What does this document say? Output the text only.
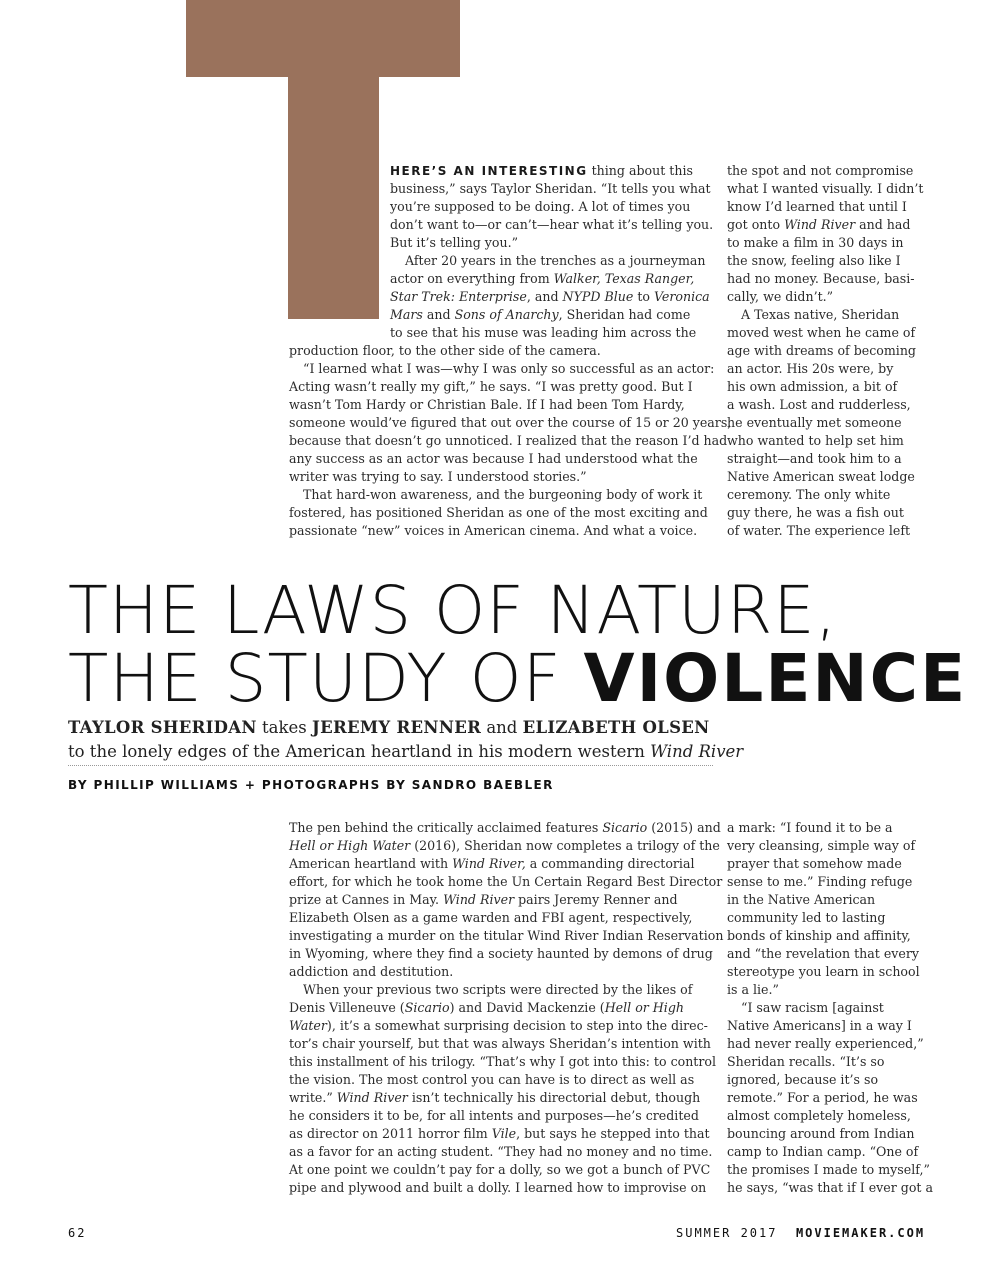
HERE’S AN INTERESTING thing about this
business,” says Taylor Sheridan. “It tells you what
you’re supposed to be doing. A lot of times you
don’t want to—or can’t—hear what it’s telling you.
But it’s telling you.”
After 20 years in the trenches as a journeyman
actor on everything from Walker, Texas Ranger,
Star Trek: Enterprise, and NYPD Blue to Veronica
Mars and Sons of Anarchy, Sheridan had come
to see that his muse was leading him across the
production floor, to the other side of the camera.
“I learned what I was—why I was only so successful as an actor:
Acting wasn’t really my gift,” he says. “I was pretty good. But I
wasn’t Tom Hardy or Christian Bale. If I had been Tom Hardy,
someone would’ve figured that out over the course of 15 or 20 years,
because that doesn’t go unnoticed. I realized that the reason I’d had
any success as an actor was because I had understood what the
writer was trying to say. I understood stories.”
That hard-won awareness, and the burgeoning body of work it
fostered, has positioned Sheridan as one of the most exciting and
passionate “new” voices in American cinema. And what a voice.
the spot and not compromise
what I wanted visually. I didn’t
know I’d learned that until I
got onto Wind River and had
to make a film in 30 days in
the snow, feeling also like I
had no money. Because, basi-
cally, we didn’t.”
A Texas native, Sheridan
moved west when he came of
age with dreams of becoming
an actor. His 20s were, by
his own admission, a bit of
a wash. Lost and rudderless,
he eventually met someone
who wanted to help set him
straight—and took him to a
Native American sweat lodge
ceremony. The only white
guy there, he was a fish out
of water. The experience left
THE LAWS OF NATURE,
THE STUDY OF VIOLENCE
TAYLOR SHERIDAN takes JEREMY RENNER and ELIZABETH OLSEN
to the lonely edges of the American heartland in his modern western Wind River
BY PHILLIP WILLIAMS + PHOTOGRAPHS BY SANDRO BAEBLER
The pen behind the critically acclaimed features Sicario (2015) and
Hell or High Water (2016), Sheridan now completes a trilogy of the
American heartland with Wind River, a commanding directorial
effort, for which he took home the Un Certain Regard Best Director
prize at Cannes in May. Wind River pairs Jeremy Renner and
Elizabeth Olsen as a game warden and FBI agent, respectively,
investigating a murder on the titular Wind River Indian Reservation
in Wyoming, where they find a society haunted by demons of drug
addiction and destitution.
When your previous two scripts were directed by the likes of
Denis Villeneuve (Sicario) and David Mackenzie (Hell or High
Water), it’s a somewhat surprising decision to step into the direc-
tor’s chair yourself, but that was always Sheridan’s intention with
this installment of his trilogy. “That’s why I got into this: to control
the vision. The most control you can have is to direct as well as
write.” Wind River isn’t technically his directorial debut, though
he considers it to be, for all intents and purposes—he’s credited
as director on 2011 horror film Vile, but says he stepped into that
as a favor for an acting student. “They had no money and no time.
At one point we couldn’t pay for a dolly, so we got a bunch of PVC
pipe and plywood and built a dolly. I learned how to improvise on
a mark: “I found it to be a
very cleansing, simple way of
prayer that somehow made
sense to me.” Finding refuge
in the Native American
community led to lasting
bonds of kinship and affinity,
and “the revelation that every
stereotype you learn in school
is a lie.”
“I saw racism [against
Native Americans] in a way I
had never really experienced,”
Sheridan recalls. “It’s so
ignored, because it’s so
remote.” For a period, he was
almost completely homeless,
bouncing around from Indian
camp to Indian camp. “One of
the promises I made to myself,”
he says, “was that if I ever got a
62	SUMMER 2017 MOVIEMAKER.COM
